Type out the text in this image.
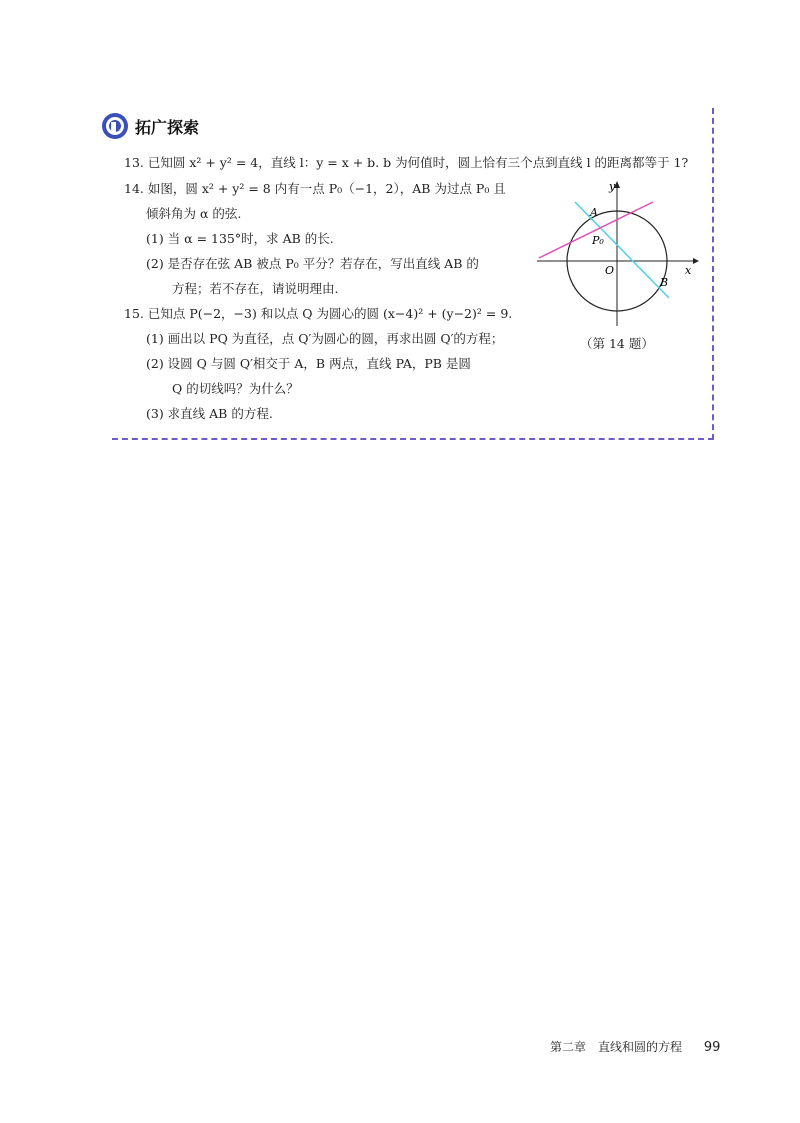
拓广探索
13. 已知圆 x² + y² = 4，直线 l：y = x + b. b 为何值时，圆上恰有三个点到直线 l 的距离都等于 1?
14. 如图，圆 x² + y² = 8 内有一点 P₀（−1，2），AB 为过点 P₀ 且
倾斜角为 α 的弦.
(1) 当 α = 135°时，求 AB 的长.
(2) 是否存在弦 AB 被点 P₀ 平分？若存在，写出直线 AB 的
方程；若不存在，请说明理由.
15. 已知点 P(−2，−3) 和以点 Q 为圆心的圆 (x−4)² + (y−2)² = 9.
(1) 画出以 PQ 为直径，点 Q′为圆心的圆，再求出圆 Q′的方程；
(2) 设圆 Q 与圆 Q′相交于 A，B 两点，直线 PA，PB 是圆
Q 的切线吗？为什么？
(3) 求直线 AB 的方程.
y
x
O
A
B
P₀
（第 14 题）
第二章　直线和圆的方程 99
